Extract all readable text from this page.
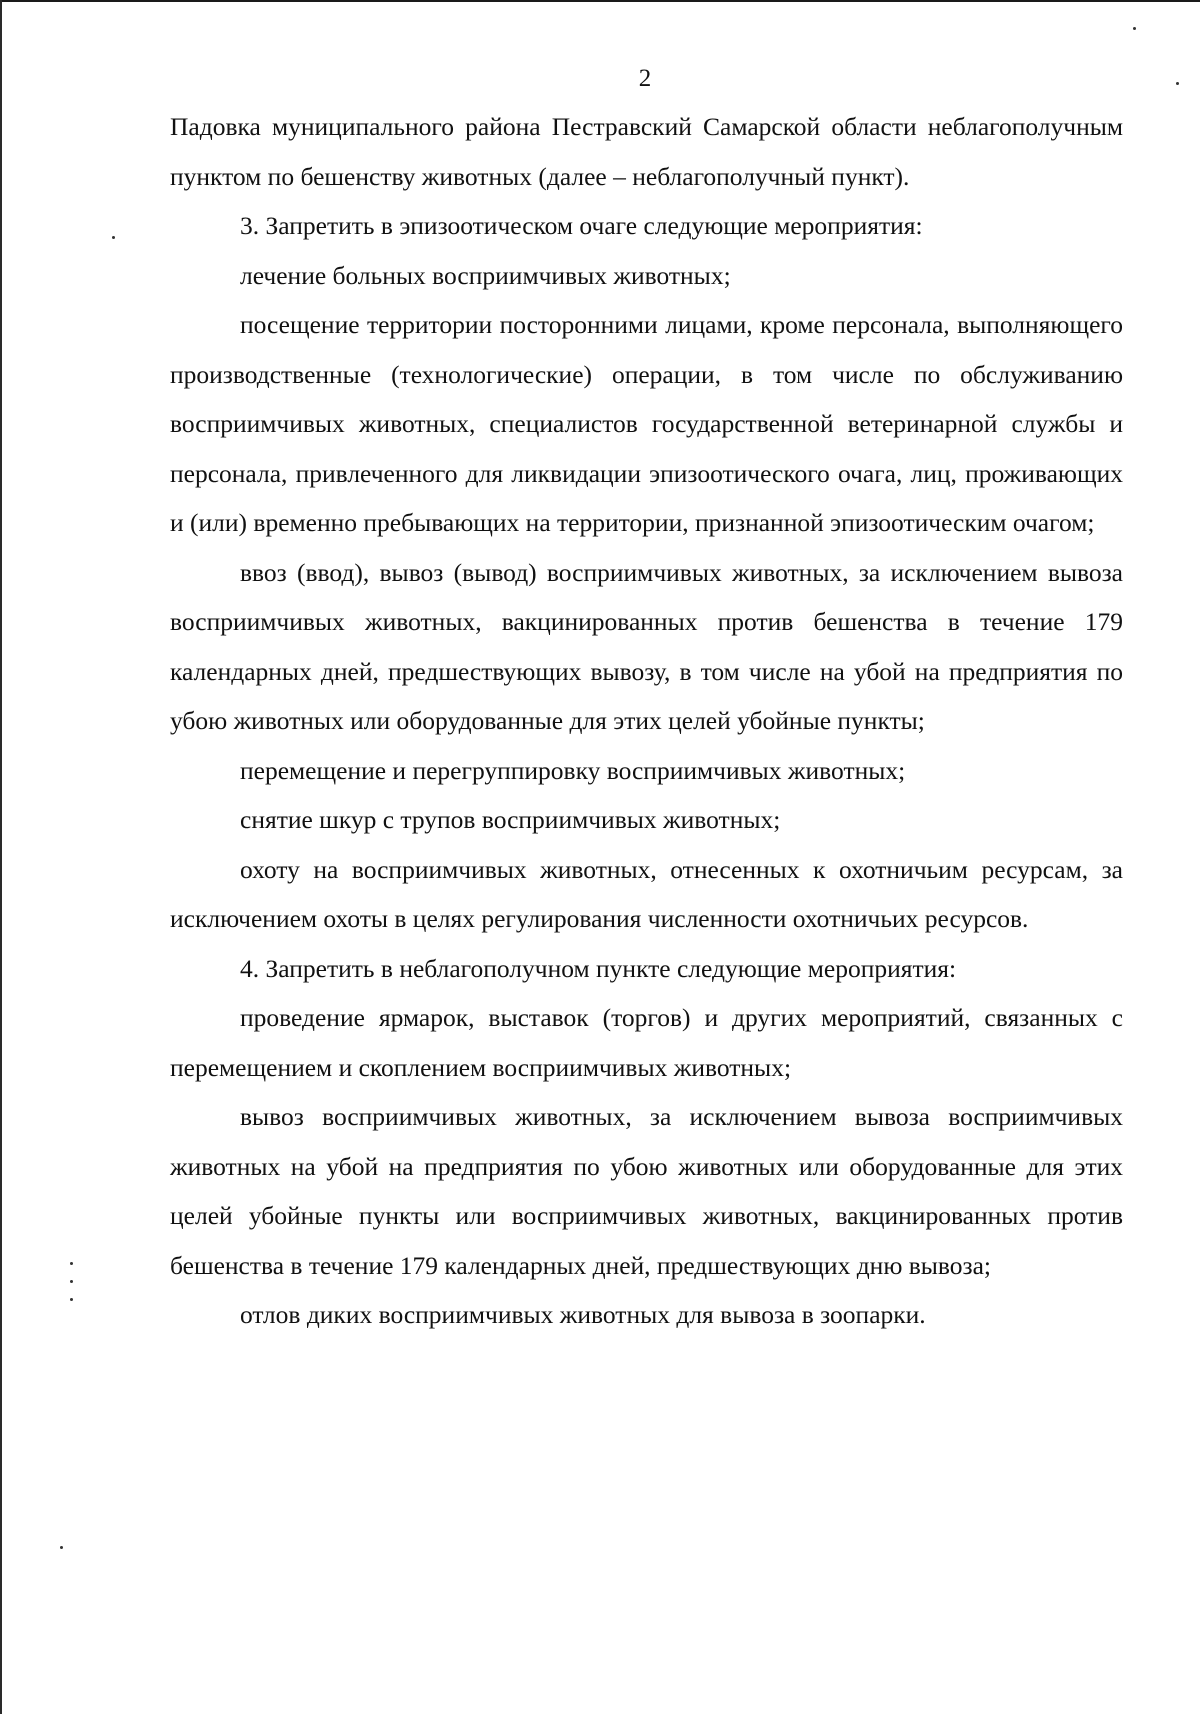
2

Падовка муниципального района Пестравский Самарской области неблагополучным пунктом по бешенству животных (далее – неблагополучный пункт).

3. Запретить в эпизоотическом очаге следующие мероприятия:

лечение больных восприимчивых животных;

посещение территории посторонними лицами, кроме персонала, выполняющего производственные (технологические) операции, в том числе по обслуживанию восприимчивых животных, специалистов государственной ветеринарной службы и персонала, привлеченного для ликвидации эпизоотического очага, лиц, проживающих и (или) временно пребывающих на территории, признанной эпизоотическим очагом;

ввоз (ввод), вывоз (вывод) восприимчивых животных, за исключением вывоза восприимчивых животных, вакцинированных против бешенства в течение 179 календарных дней, предшествующих вывозу, в том числе на убой на предприятия по убою животных или оборудованные для этих целей убойные пункты;

перемещение и перегруппировку восприимчивых животных;

снятие шкур с трупов восприимчивых животных;

охоту на восприимчивых животных, отнесенных к охотничьим ресурсам, за исключением охоты в целях регулирования численности охотничьих ресурсов.

4. Запретить в неблагополучном пункте следующие мероприятия:

проведение ярмарок, выставок (торгов) и других мероприятий, связанных с перемещением и скоплением восприимчивых животных;

вывоз восприимчивых животных, за исключением вывоза восприимчивых животных на убой на предприятия по убою животных или оборудованные для этих целей убойные пункты или восприимчивых животных, вакцинированных против бешенства в течение 179 календарных дней, предшествующих дню вывоза;

отлов диких восприимчивых животных для вывоза в зоопарки.
